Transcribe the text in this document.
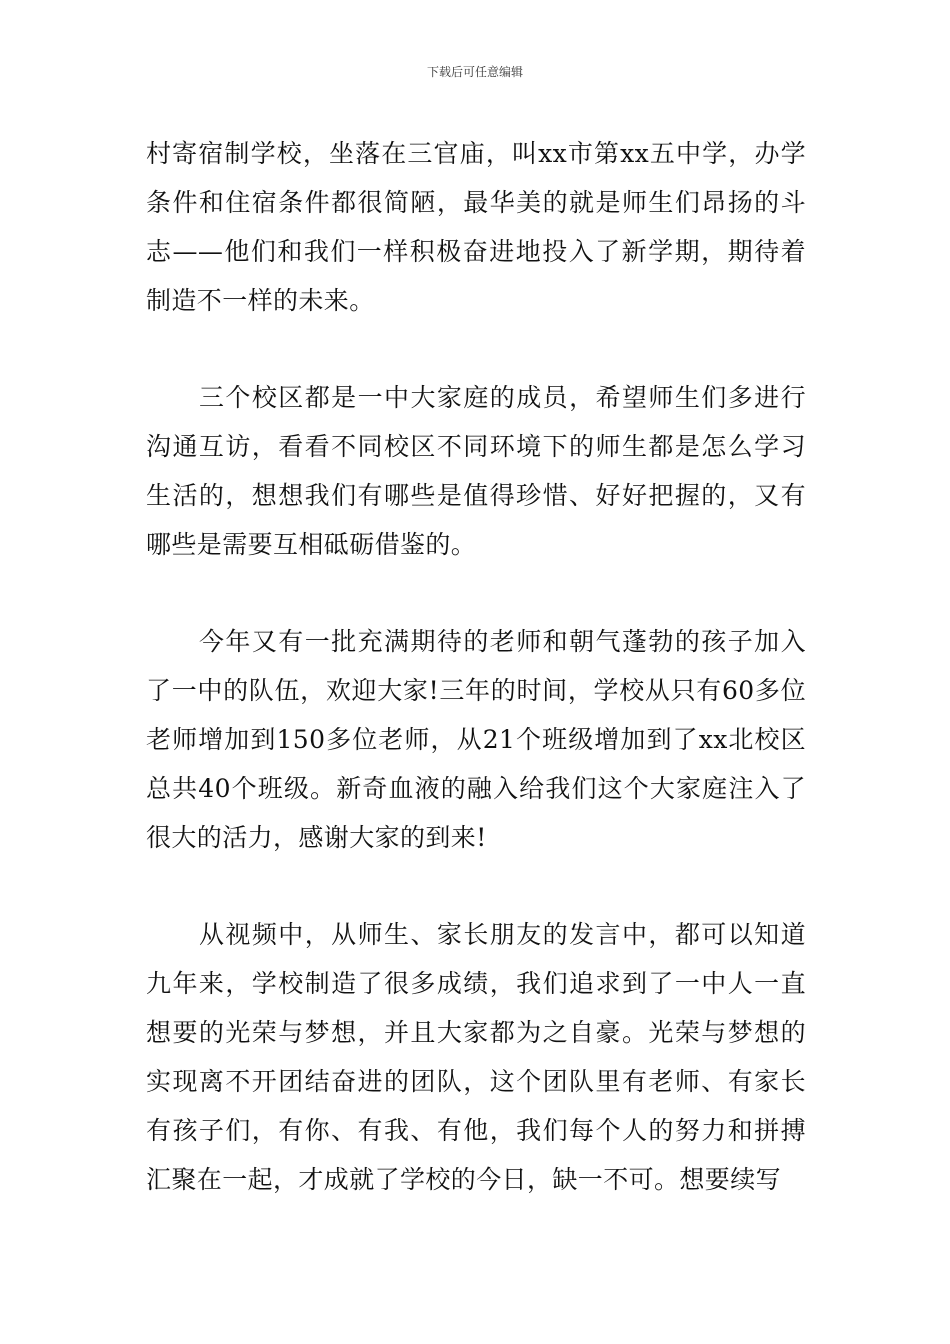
下载后可任意编辑

村寄宿制学校，坐落在三官庙，叫xx市第xx五中学，办学条件和住宿条件都很简陋，最华美的就是师生们昂扬的斗志——他们和我们一样积极奋进地投入了新学期，期待着制造不一样的未来。

三个校区都是一中大家庭的成员，希望师生们多进行沟通互访，看看不同校区不同环境下的师生都是怎么学习生活的，想想我们有哪些是值得珍惜、好好把握的，又有哪些是需要互相砥砺借鉴的。

今年又有一批充满期待的老师和朝气蓬勃的孩子加入了一中的队伍，欢迎大家!三年的时间，学校从只有60多位老师增加到150多位老师，从21个班级增加到了xx北校区总共40个班级。新奇血液的融入给我们这个大家庭注入了很大的活力，感谢大家的到来!

从视频中，从师生、家长朋友的发言中，都可以知道九年来，学校制造了很多成绩，我们追求到了一中人一直想要的光荣与梦想，并且大家都为之自豪。光荣与梦想的实现离不开团结奋进的团队，这个团队里有老师、有家长有孩子们，有你、有我、有他，我们每个人的努力和拼搏汇聚在一起，才成就了学校的今日，缺一不可。想要续写
